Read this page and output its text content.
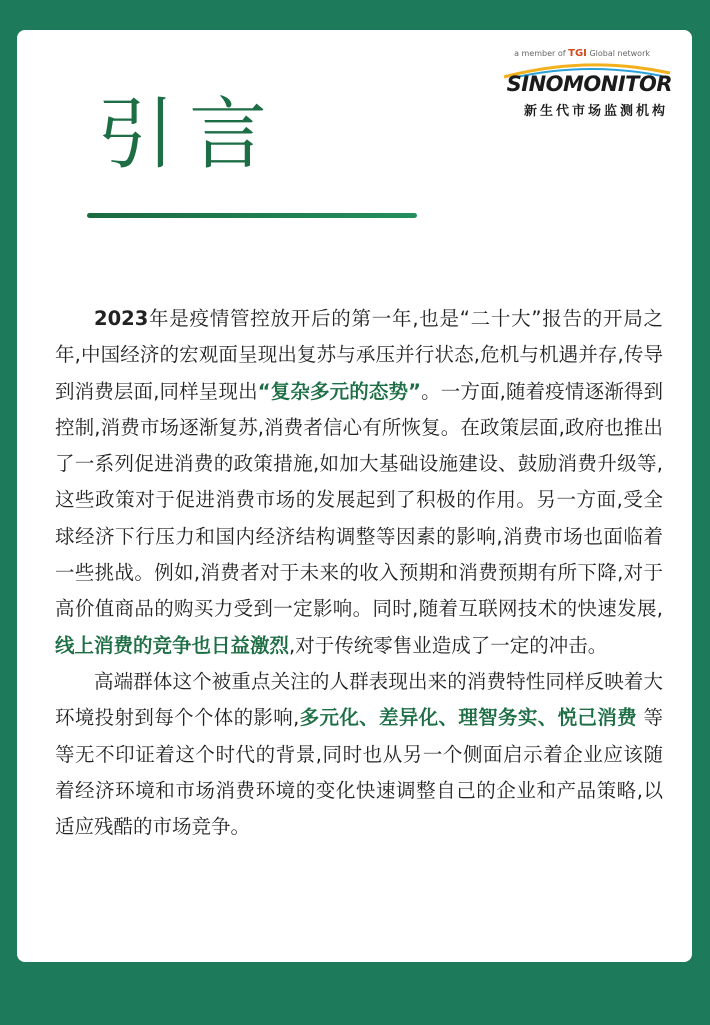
a member of TGI Global network
SINOMONITOR
新生代市场监测机构
引言

2023年是疫情管控放开后的第一年,也是“二十大”报告的开局之年,中国经济的宏观面呈现出复苏与承压并行状态,危机与机遇并存,传导到消费层面,同样呈现出“复杂多元的态势”。一方面,随着疫情逐渐得到控制,消费市场逐渐复苏,消费者信心有所恢复。在政策层面,政府也推出了一系列促进消费的政策措施,如加大基础设施建设、鼓励消费升级等,这些政策对于促进消费市场的发展起到了积极的作用。另一方面,受全球经济下行压力和国内经济结构调整等因素的影响,消费市场也面临着一些挑战。例如,消费者对于未来的收入预期和消费预期有所下降,对于高价值商品的购买力受到一定影响。同时,随着互联网技术的快速发展,线上消费的竞争也日益激烈,对于传统零售业造成了一定的冲击。

高端群体这个被重点关注的人群表现出来的消费特性同样反映着大环境投射到每个个体的影响,多元化、差异化、理智务实、悦己消费 等等无不印证着这个时代的背景,同时也从另一个侧面启示着企业应该随着经济环境和市场消费环境的变化快速调整自己的企业和产品策略,以适应残酷的市场竞争。
